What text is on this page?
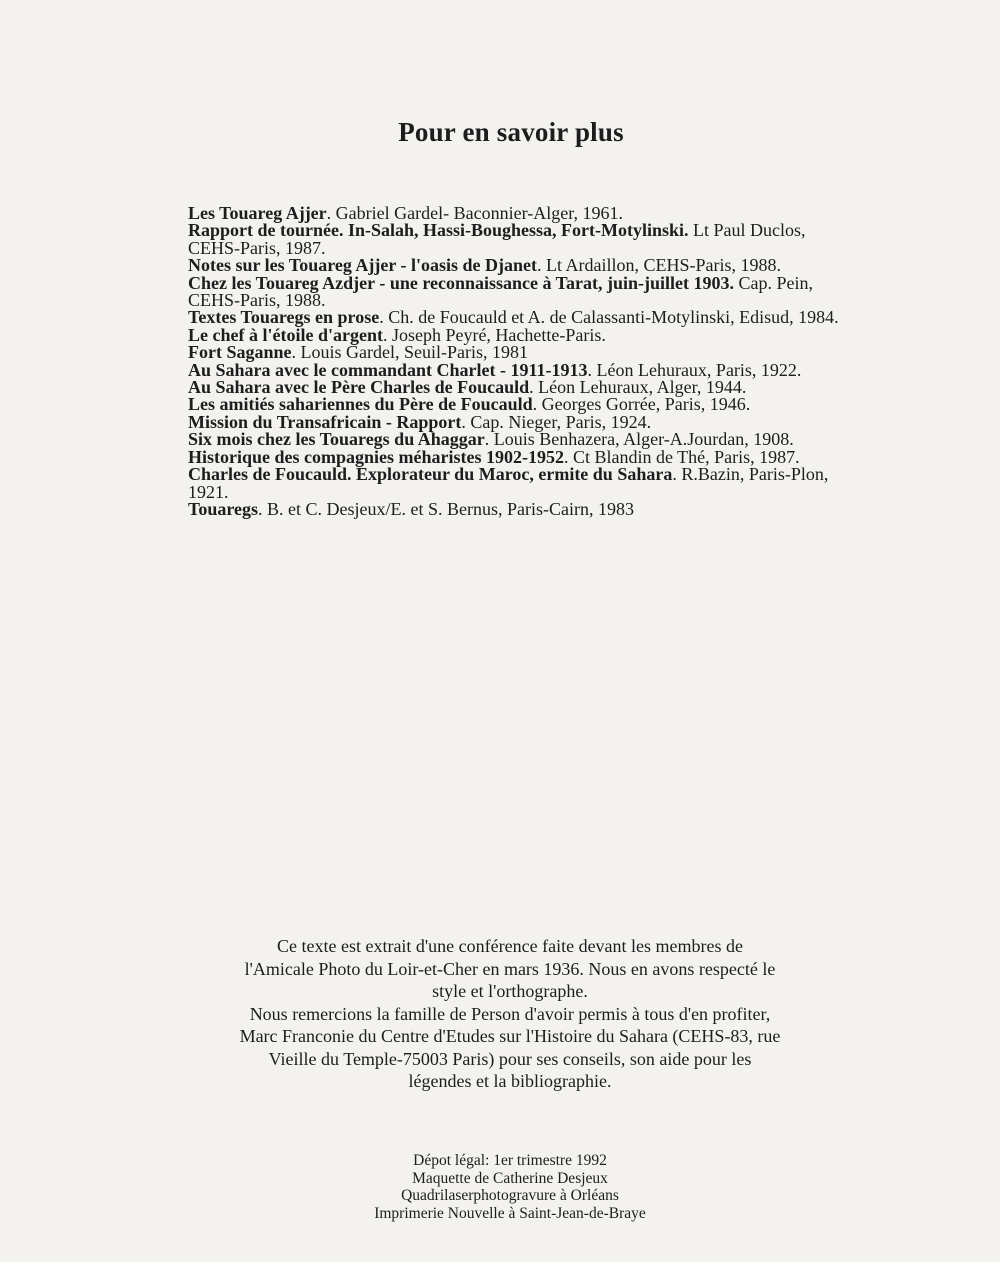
Pour en savoir plus
Les Touareg Ajjer. Gabriel Gardel- Baconnier-Alger, 1961.
Rapport de tournée. In-Salah, Hassi-Boughessa, Fort-Motylinski. Lt Paul Duclos, CEHS-Paris, 1987.
Notes sur les Touareg Ajjer - l'oasis de Djanet. Lt Ardaillon, CEHS-Paris, 1988.
Chez les Touareg Azdjer - une reconnaissance à Tarat, juin-juillet 1903. Cap. Pein, CEHS-Paris, 1988.
Textes Touaregs en prose. Ch. de Foucauld et A. de Calassanti-Motylinski, Edisud, 1984.
Le chef à l'étoile d'argent. Joseph Peyré, Hachette-Paris.
Fort Saganne. Louis Gardel, Seuil-Paris, 1981
Au Sahara avec le commandant Charlet - 1911-1913. Léon Lehuraux, Paris, 1922.
Au Sahara avec le Père Charles de Foucauld. Léon Lehuraux, Alger, 1944.
Les amitiés sahariennes du Père de Foucauld. Georges Gorrée, Paris, 1946.
Mission du Transafricain - Rapport. Cap. Nieger, Paris, 1924.
Six mois chez les Touaregs du Ahaggar. Louis Benhazera, Alger-A.Jourdan, 1908.
Historique des compagnies méharistes 1902-1952. Ct Blandin de Thé, Paris, 1987.
Charles de Foucauld. Explorateur du Maroc, ermite du Sahara. R.Bazin, Paris-Plon, 1921.
Touaregs. B. et C. Desjeux/E. et S. Bernus, Paris-Cairn, 1983

Ce texte est extrait d'une conférence faite devant les membres de
l'Amicale Photo du Loir-et-Cher en mars 1936. Nous en avons respecté le
style et l'orthographe.
Nous remercions la famille de Person d'avoir permis à tous d'en profiter,
Marc Franconie du Centre d'Etudes sur l'Histoire du Sahara (CEHS-83, rue
Vieille du Temple-75003 Paris) pour ses conseils, son aide pour les
légendes et la bibliographie.

Dépot légal: 1er trimestre 1992
Maquette de Catherine Desjeux
Quadrilaserphotogravure à Orléans
Imprimerie Nouvelle à Saint-Jean-de-Braye
